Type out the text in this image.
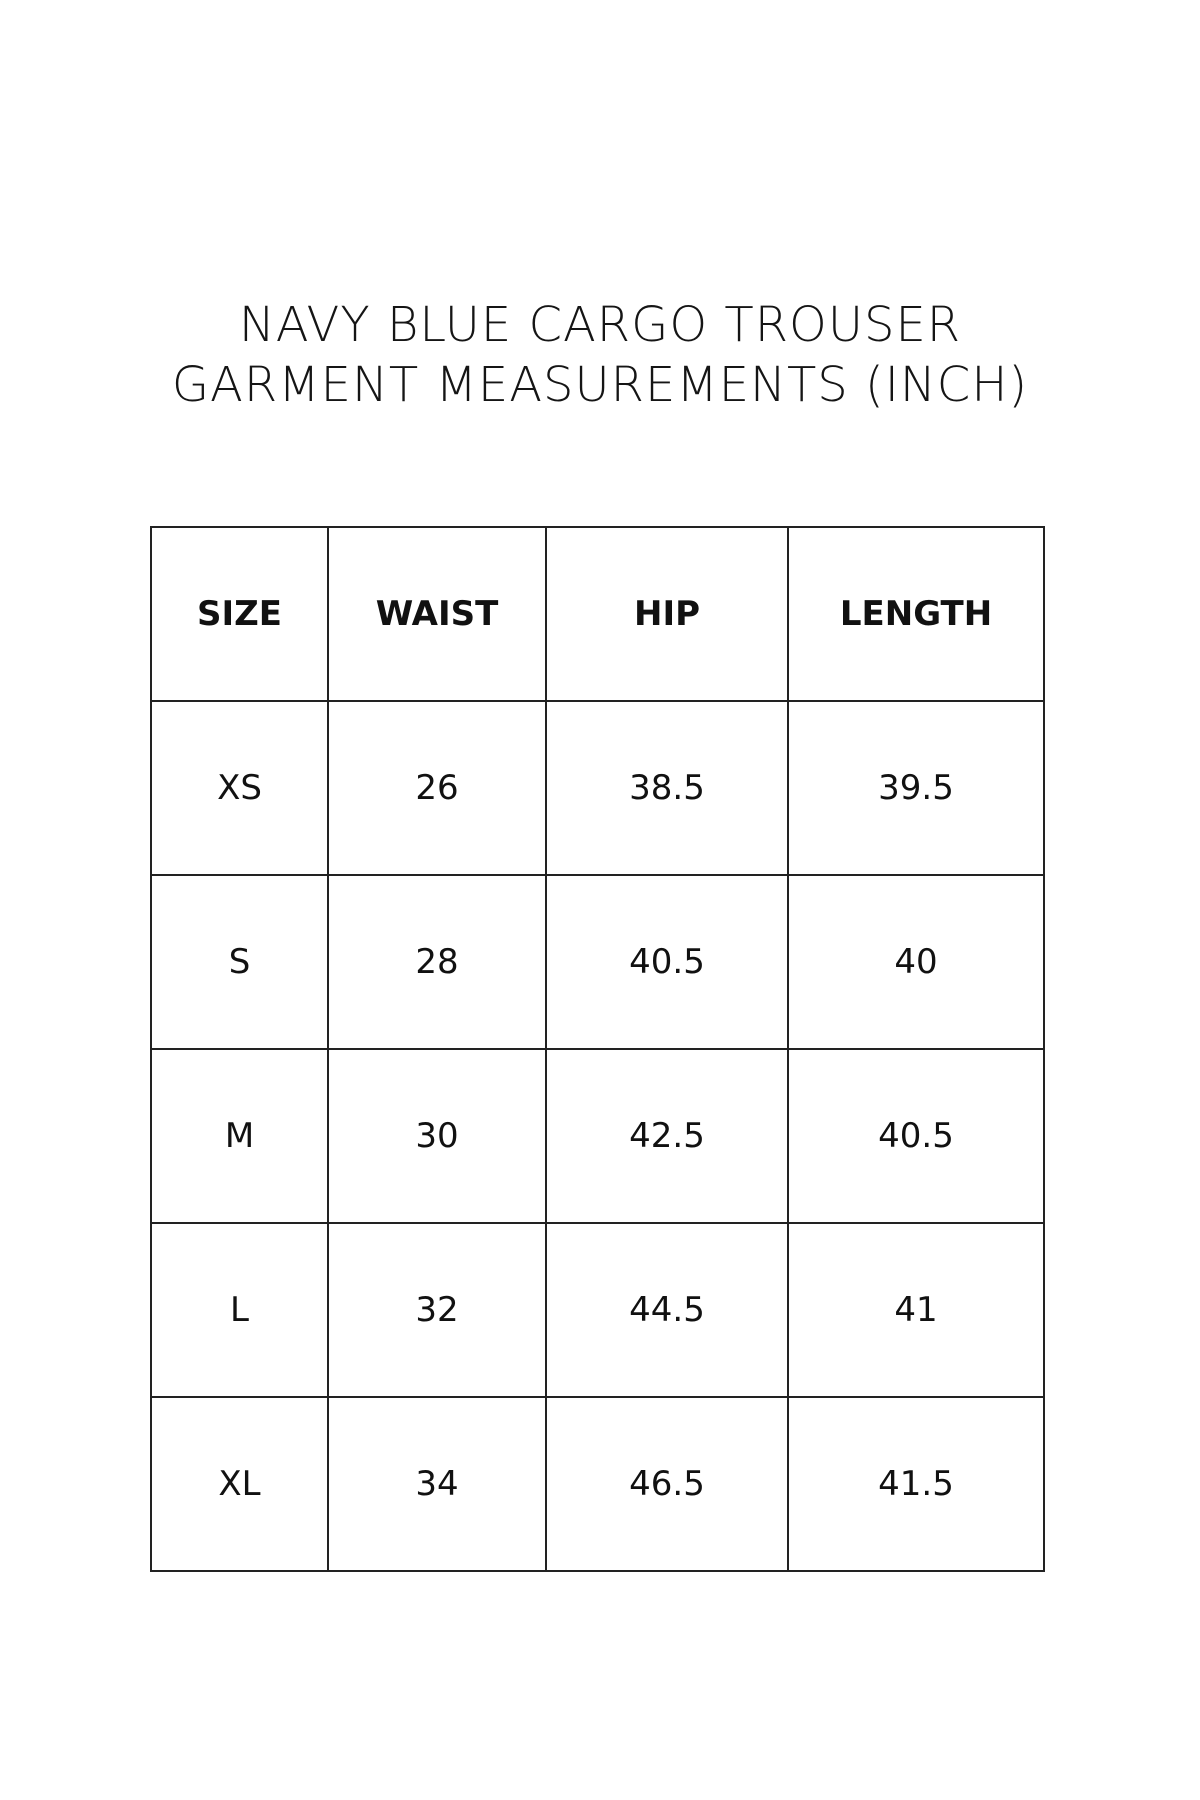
NAVY BLUE CARGO TROUSER
GARMENT MEASUREMENTS (INCH)
SIZE	WAIST	HIP	LENGTH
XS	26	38.5	39.5
S	28	40.5	40
M	30	42.5	40.5
L	32	44.5	41
XL	34	46.5	41.5
